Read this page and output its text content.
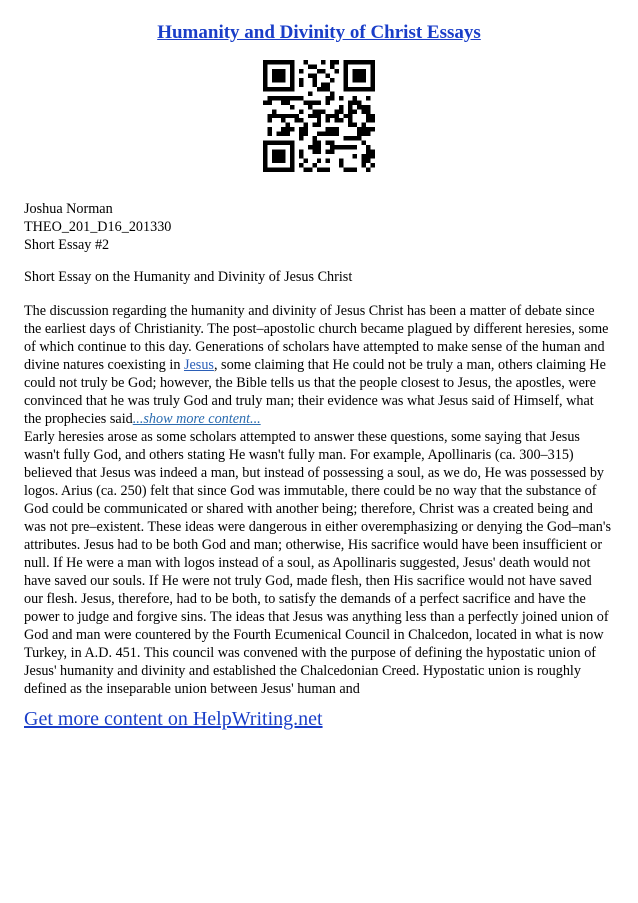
Humanity and Divinity of Christ Essays

Joshua Norman

THEO_201_D16_201330

Short Essay #2

Short Essay on the Humanity and Divinity of Jesus Christ

The discussion regarding the humanity and divinity of Jesus Christ has been a matter of debate since the earliest days of Christianity. The post–apostolic church became plagued by different heresies, some of which continue to this day. Generations of scholars have attempted to make sense of the human and divine natures coexisting in Jesus, some claiming that He could not be truly a man, others claiming He could not truly be God; however, the Bible tells us that the people closest to Jesus, the apostles, were convinced that he was truly God and truly man; their evidence was what Jesus said of Himself, what the prophecies said...show more content...

Early heresies arose as some scholars attempted to answer these questions, some saying that Jesus wasn't fully God, and others stating He wasn't fully man. For example, Apollinaris (ca. 300–315) believed that Jesus was indeed a man, but instead of possessing a soul, as we do, He was possessed by logos. Arius (ca. 250) felt that since God was immutable, there could be no way that the substance of God could be communicated or shared with another being; therefore, Christ was a created being and was not pre–existent. These ideas were dangerous in either overemphasizing or denying the God–man's attributes. Jesus had to be both God and man; otherwise, His sacrifice would have been insufficient or null. If He were a man with logos instead of a soul, as Apollinaris suggested, Jesus' death would not have saved our souls. If He were not truly God, made flesh, then His sacrifice would not have saved our flesh. Jesus, therefore, had to be both, to satisfy the demands of a perfect sacrifice and have the power to judge and forgive sins. The ideas that Jesus was anything less than a perfectly joined union of God and man were countered by the Fourth Ecumenical Council in Chalcedon, located in what is now Turkey, in A.D. 451. This council was convened with the purpose of defining the hypostatic union of Jesus' humanity and divinity and established the Chalcedonian Creed. Hypostatic union is roughly defined as the inseparable union between Jesus' human and

Get more content on HelpWriting.net
